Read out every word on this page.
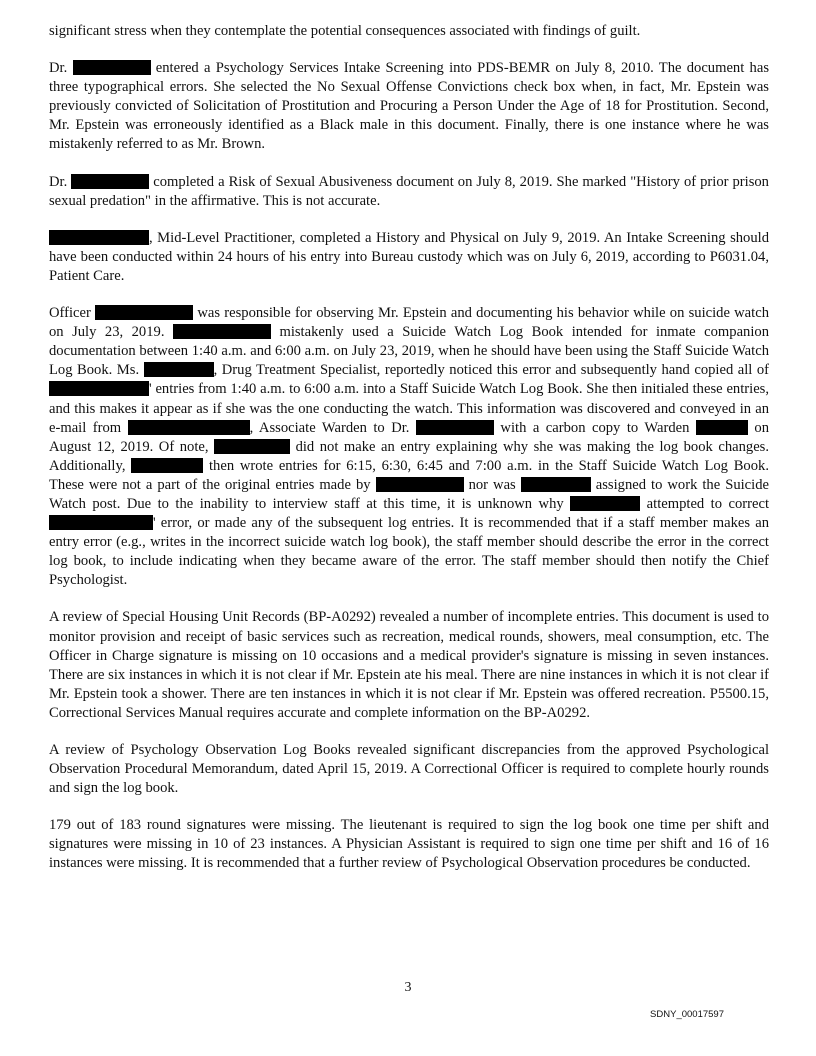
significant stress when they contemplate the potential consequences associated with findings of guilt.

Dr.	entered a Psychology Services Intake Screening into PDS-BEMR on July 8, 2010. The document has three typographical errors. She selected the No Sexual Offense Convictions check box when, in fact, Mr. Epstein was previously convicted of Solicitation of Prostitution and Procuring a Person Under the Age of 18 for Prostitution. Second, Mr. Epstein was erroneously identified as a Black male in this document. Finally, there is one instance where he was mistakenly referred to as Mr. Brown.

Dr.	completed a Risk of Sexual Abusiveness document on July 8, 2019. She marked "History of prior prison sexual predation" in the affirmative. This is not accurate.

, Mid-Level Practitioner, completed a History and Physical on July 9, 2019. An Intake Screening should have been conducted within 24 hours of his entry into Bureau custody which was on July 6, 2019, according to P6031.04, Patient Care.

Officer	was responsible for observing Mr. Epstein and documenting his behavior while on suicide watch on July 23, 2019.	mistakenly used a Suicide Watch Log Book intended for inmate companion documentation between 1:40 a.m. and 6:00 a.m. on July 23, 2019, when he should have been using the Staff Suicide Watch Log Book. Ms.	, Drug Treatment Specialist, reportedly noticed this error and subsequently hand copied all of ' entries from 1:40 a.m. to 6:00 a.m. into a Staff Suicide Watch Log Book. She then initialed these entries, and this makes it appear as if she was the one conducting the watch. This information was discovered and conveyed in an e-mail from	, Associate Warden to Dr.	with a carbon copy to Warden	on August 12, 2019. Of note,	did not make an entry explaining why she was making the log book changes. Additionally,	then wrote entries for 6:15, 6:30, 6:45 and 7:00 a.m. in the Staff Suicide Watch Log Book. These were not a part of the original entries made by	nor was	assigned to work the Suicide Watch post. Due to the inability to interview staff at this time, it is unknown why	attempted to correct ' error, or made any of the subsequent log entries. It is recommended that if a staff member makes an entry error (e.g., writes in the incorrect suicide watch log book), the staff member should describe the error in the correct log book, to include indicating when they became aware of the error. The staff member should then notify the Chief Psychologist.

A review of Special Housing Unit Records (BP-A0292) revealed a number of incomplete entries. This document is used to monitor provision and receipt of basic services such as recreation, medical rounds, showers, meal consumption, etc. The Officer in Charge signature is missing on 10 occasions and a medical provider's signature is missing in seven instances. There are six instances in which it is not clear if Mr. Epstein ate his meal. There are nine instances in which it is not clear if Mr. Epstein took a shower. There are ten instances in which it is not clear if Mr. Epstein was offered recreation. P5500.15, Correctional Services Manual requires accurate and complete information on the BP-A0292.

A review of Psychology Observation Log Books revealed significant discrepancies from the approved Psychological Observation Procedural Memorandum, dated April 15, 2019. A Correctional Officer is required to complete hourly rounds and sign the log book.

179 out of 183 round signatures were missing. The lieutenant is required to sign the log book one time per shift and signatures were missing in 10 of 23 instances. A Physician Assistant is required to sign one time per shift and 16 of 16 instances were missing. It is recommended that a further review of Psychological Observation procedures be conducted.

3
SDNY_00017597
